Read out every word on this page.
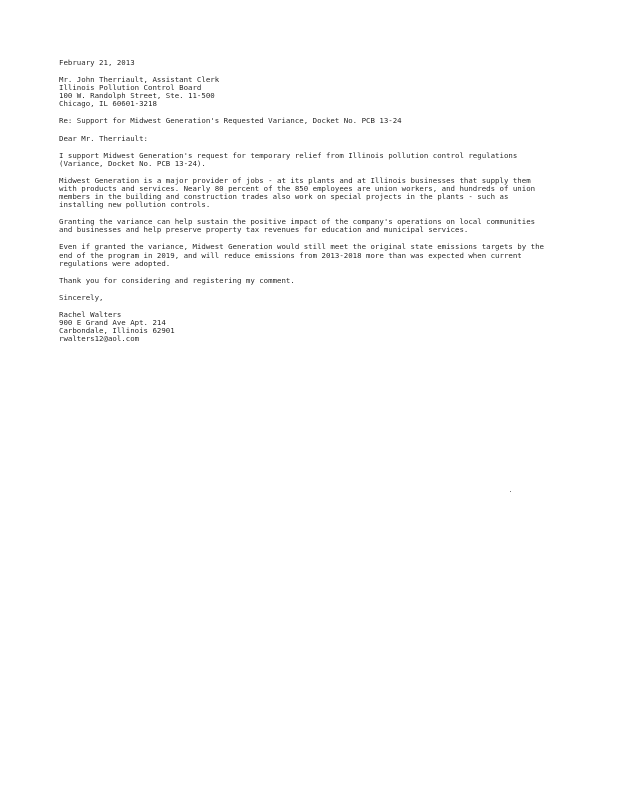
February 21, 2013
Mr. John Therriault, Assistant Clerk
Illinois Pollution Control Board
100 W. Randolph Street, Ste. 11-500
Chicago, IL 60601-3218
Re: Support for Midwest Generation's Requested Variance, Docket No. PCB 13-24
Dear Mr. Therriault:
I support Midwest Generation's request for temporary relief from Illinois pollution control regulations
(Variance, Docket No. PCB 13-24).
Midwest Generation is a major provider of jobs - at its plants and at Illinois businesses that supply them
with products and services. Nearly 80 percent of the 850 employees are union workers, and hundreds of union
members in the building and construction trades also work on special projects in the plants - such as
installing new pollution controls.
Granting the variance can help sustain the positive impact of the company's operations on local communities
and businesses and help preserve property tax revenues for education and municipal services.
Even if granted the variance, Midwest Generation would still meet the original state emissions targets by the
end of the program in 2019, and will reduce emissions from 2013-2018 more than was expected when current
regulations were adopted.
Thank you for considering and registering my comment.
Sincerely,
Rachel Walters
900 E Grand Ave Apt. 214
Carbondale, Illinois 62901
rwalters12@aol.com
